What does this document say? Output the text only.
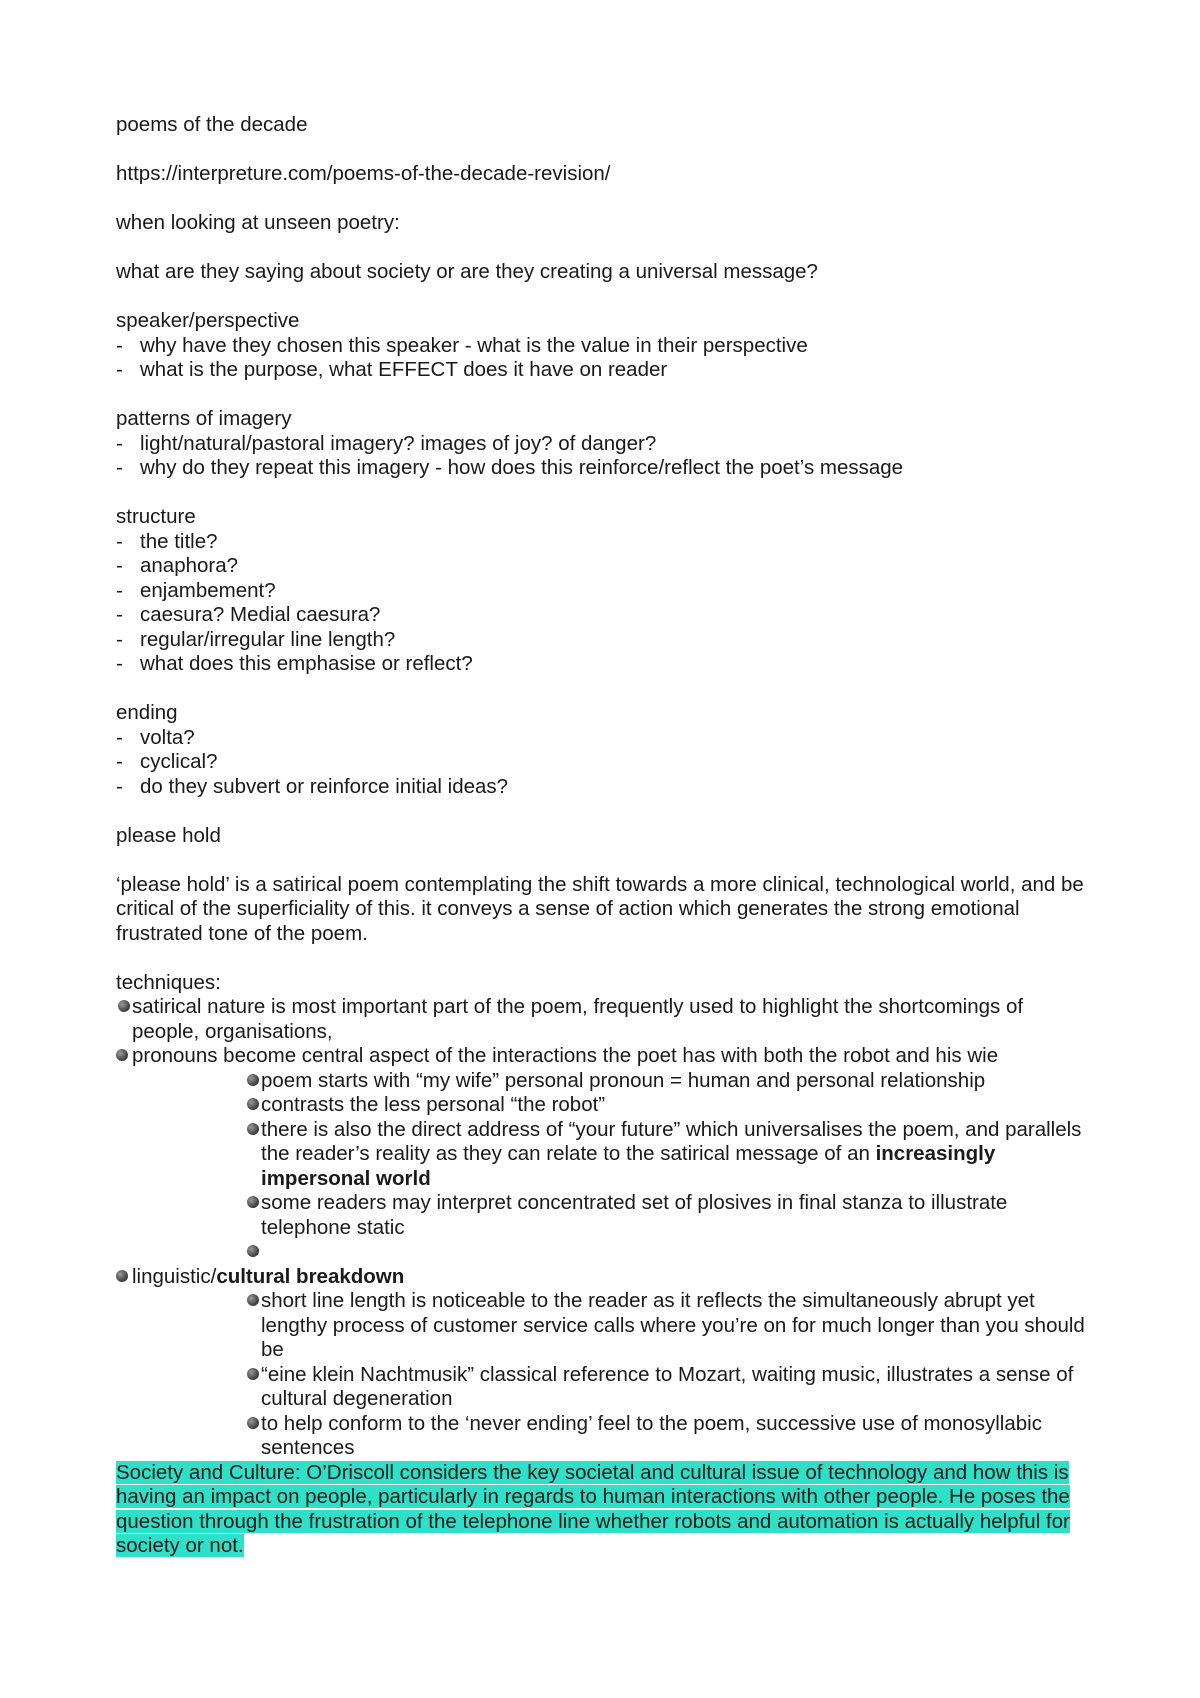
poems of the decade
https://interpreture.com/poems-of-the-decade-revision/
when looking at unseen poetry:
what are they saying about society or are they creating a universal message?
speaker/perspective
- why have they chosen this speaker - what is the value in their perspective
- what is the purpose, what EFFECT does it have on reader
patterns of imagery
- light/natural/pastoral imagery? images of joy? of danger?
- why do they repeat this imagery - how does this reinforce/reflect the poet’s message
structure
- the title?
- anaphora?
- enjambement?
- caesura? Medial caesura?
- regular/irregular line length?
- what does this emphasise or reflect?
ending
- volta?
- cyclical?
- do they subvert or reinforce initial ideas?
please hold
‘please hold’ is a satirical poem contemplating the shift towards a more clinical, technological world, and be critical of the superficiality of this. it conveys a sense of action which generates the strong emotional frustrated tone of the poem.
techniques:
satirical nature is most important part of the poem, frequently used to highlight the shortcomings of people, organisations,
pronouns become central aspect of the interactions the poet has with both the robot and his wie
poem starts with “my wife” personal pronoun = human and personal relationship
contrasts the less personal “the robot”
there is also the direct address of “your future” which universalises the poem, and parallels the reader’s reality as they can relate to the satirical message of an increasingly impersonal world
some readers may interpret concentrated set of plosives in final stanza to illustrate telephone static

linguistic/cultural breakdown
short line length is noticeable to the reader as it reflects the simultaneously abrupt yet lengthy process of customer service calls where you’re on for much longer than you should be
“eine klein Nachtmusik” classical reference to Mozart, waiting music, illustrates a sense of cultural degeneration
to help conform to the ‘never ending’ feel to the poem, successive use of monosyllabic sentences
Society and Culture: O’Driscoll considers the key societal and cultural issue of technology and how this is having an impact on people, particularly in regards to human interactions with other people. He poses the question through the frustration of the telephone line whether robots and automation is actually helpful for society or not.
